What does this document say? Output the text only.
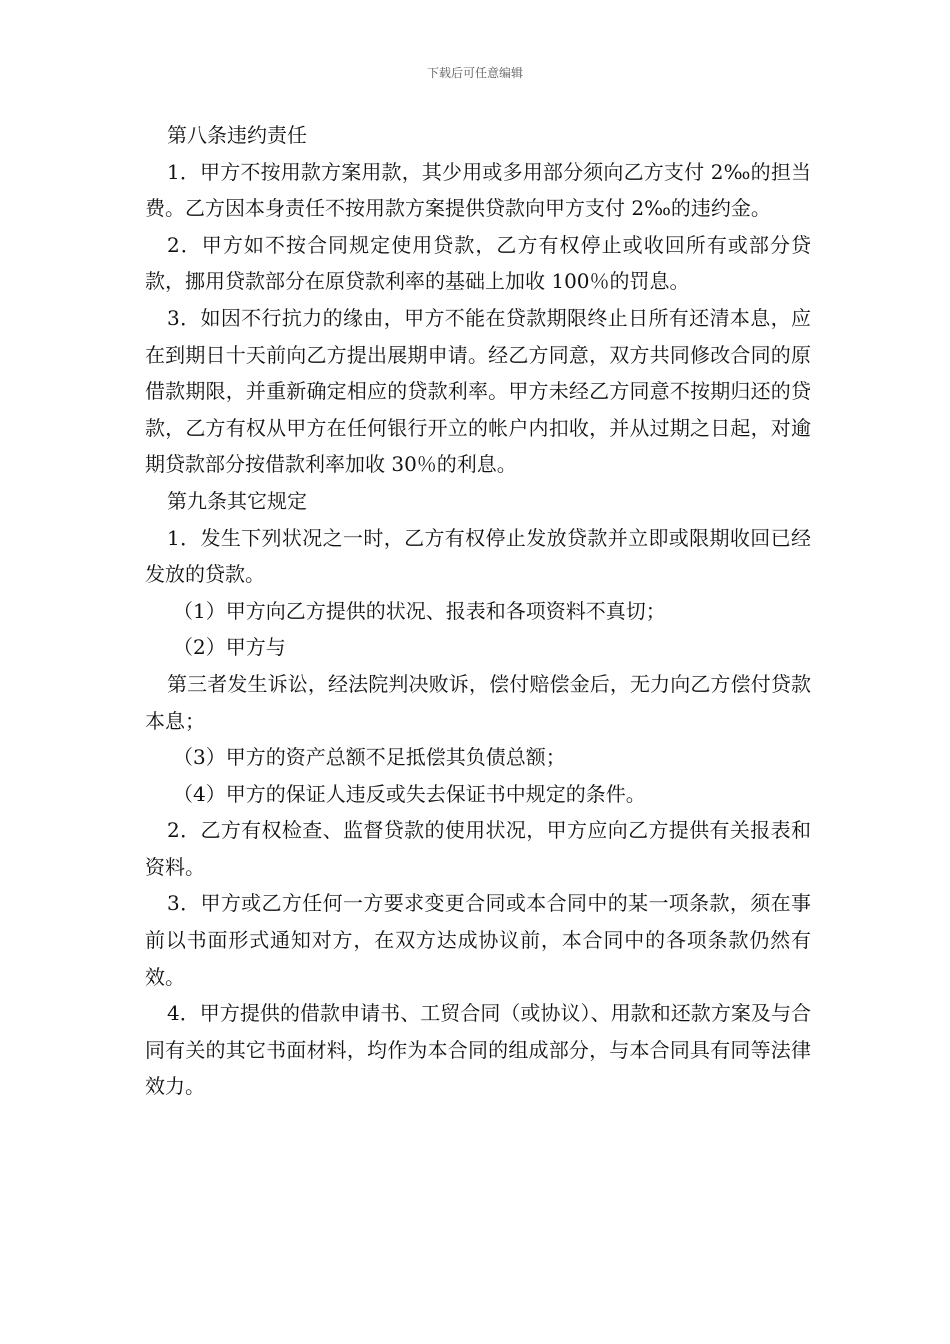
下载后可任意编辑

第八条违约责任

1．甲方不按用款方案用款，其少用或多用部分须向乙方支付 2‰的担当费。乙方因本身责任不按用款方案提供贷款向甲方支付 2‰的违约金。

2．甲方如不按合同规定使用贷款，乙方有权停止或收回所有或部分贷款，挪用贷款部分在原贷款利率的基础上加收 100％的罚息。

3．如因不行抗力的缘由，甲方不能在贷款期限终止日所有还清本息，应在到期日十天前向乙方提出展期申请。经乙方同意，双方共同修改合同的原借款期限，并重新确定相应的贷款利率。甲方未经乙方同意不按期归还的贷款，乙方有权从甲方在任何银行开立的帐户内扣收，并从过期之日起，对逾期贷款部分按借款利率加收 30％的利息。

第九条其它规定

1．发生下列状况之一时，乙方有权停止发放贷款并立即或限期收回已经发放的贷款。

（1）甲方向乙方提供的状况、报表和各项资料不真切；

（2）甲方与

第三者发生诉讼，经法院判决败诉，偿付赔偿金后，无力向乙方偿付贷款本息；

（3）甲方的资产总额不足抵偿其负债总额；

（4）甲方的保证人违反或失去保证书中规定的条件。

2．乙方有权检查、监督贷款的使用状况，甲方应向乙方提供有关报表和资料。

3．甲方或乙方任何一方要求变更合同或本合同中的某一项条款，须在事前以书面形式通知对方，在双方达成协议前，本合同中的各项条款仍然有效。

4．甲方提供的借款申请书、工贸合同（或协议）、用款和还款方案及与合同有关的其它书面材料，均作为本合同的组成部分，与本合同具有同等法律效力。
